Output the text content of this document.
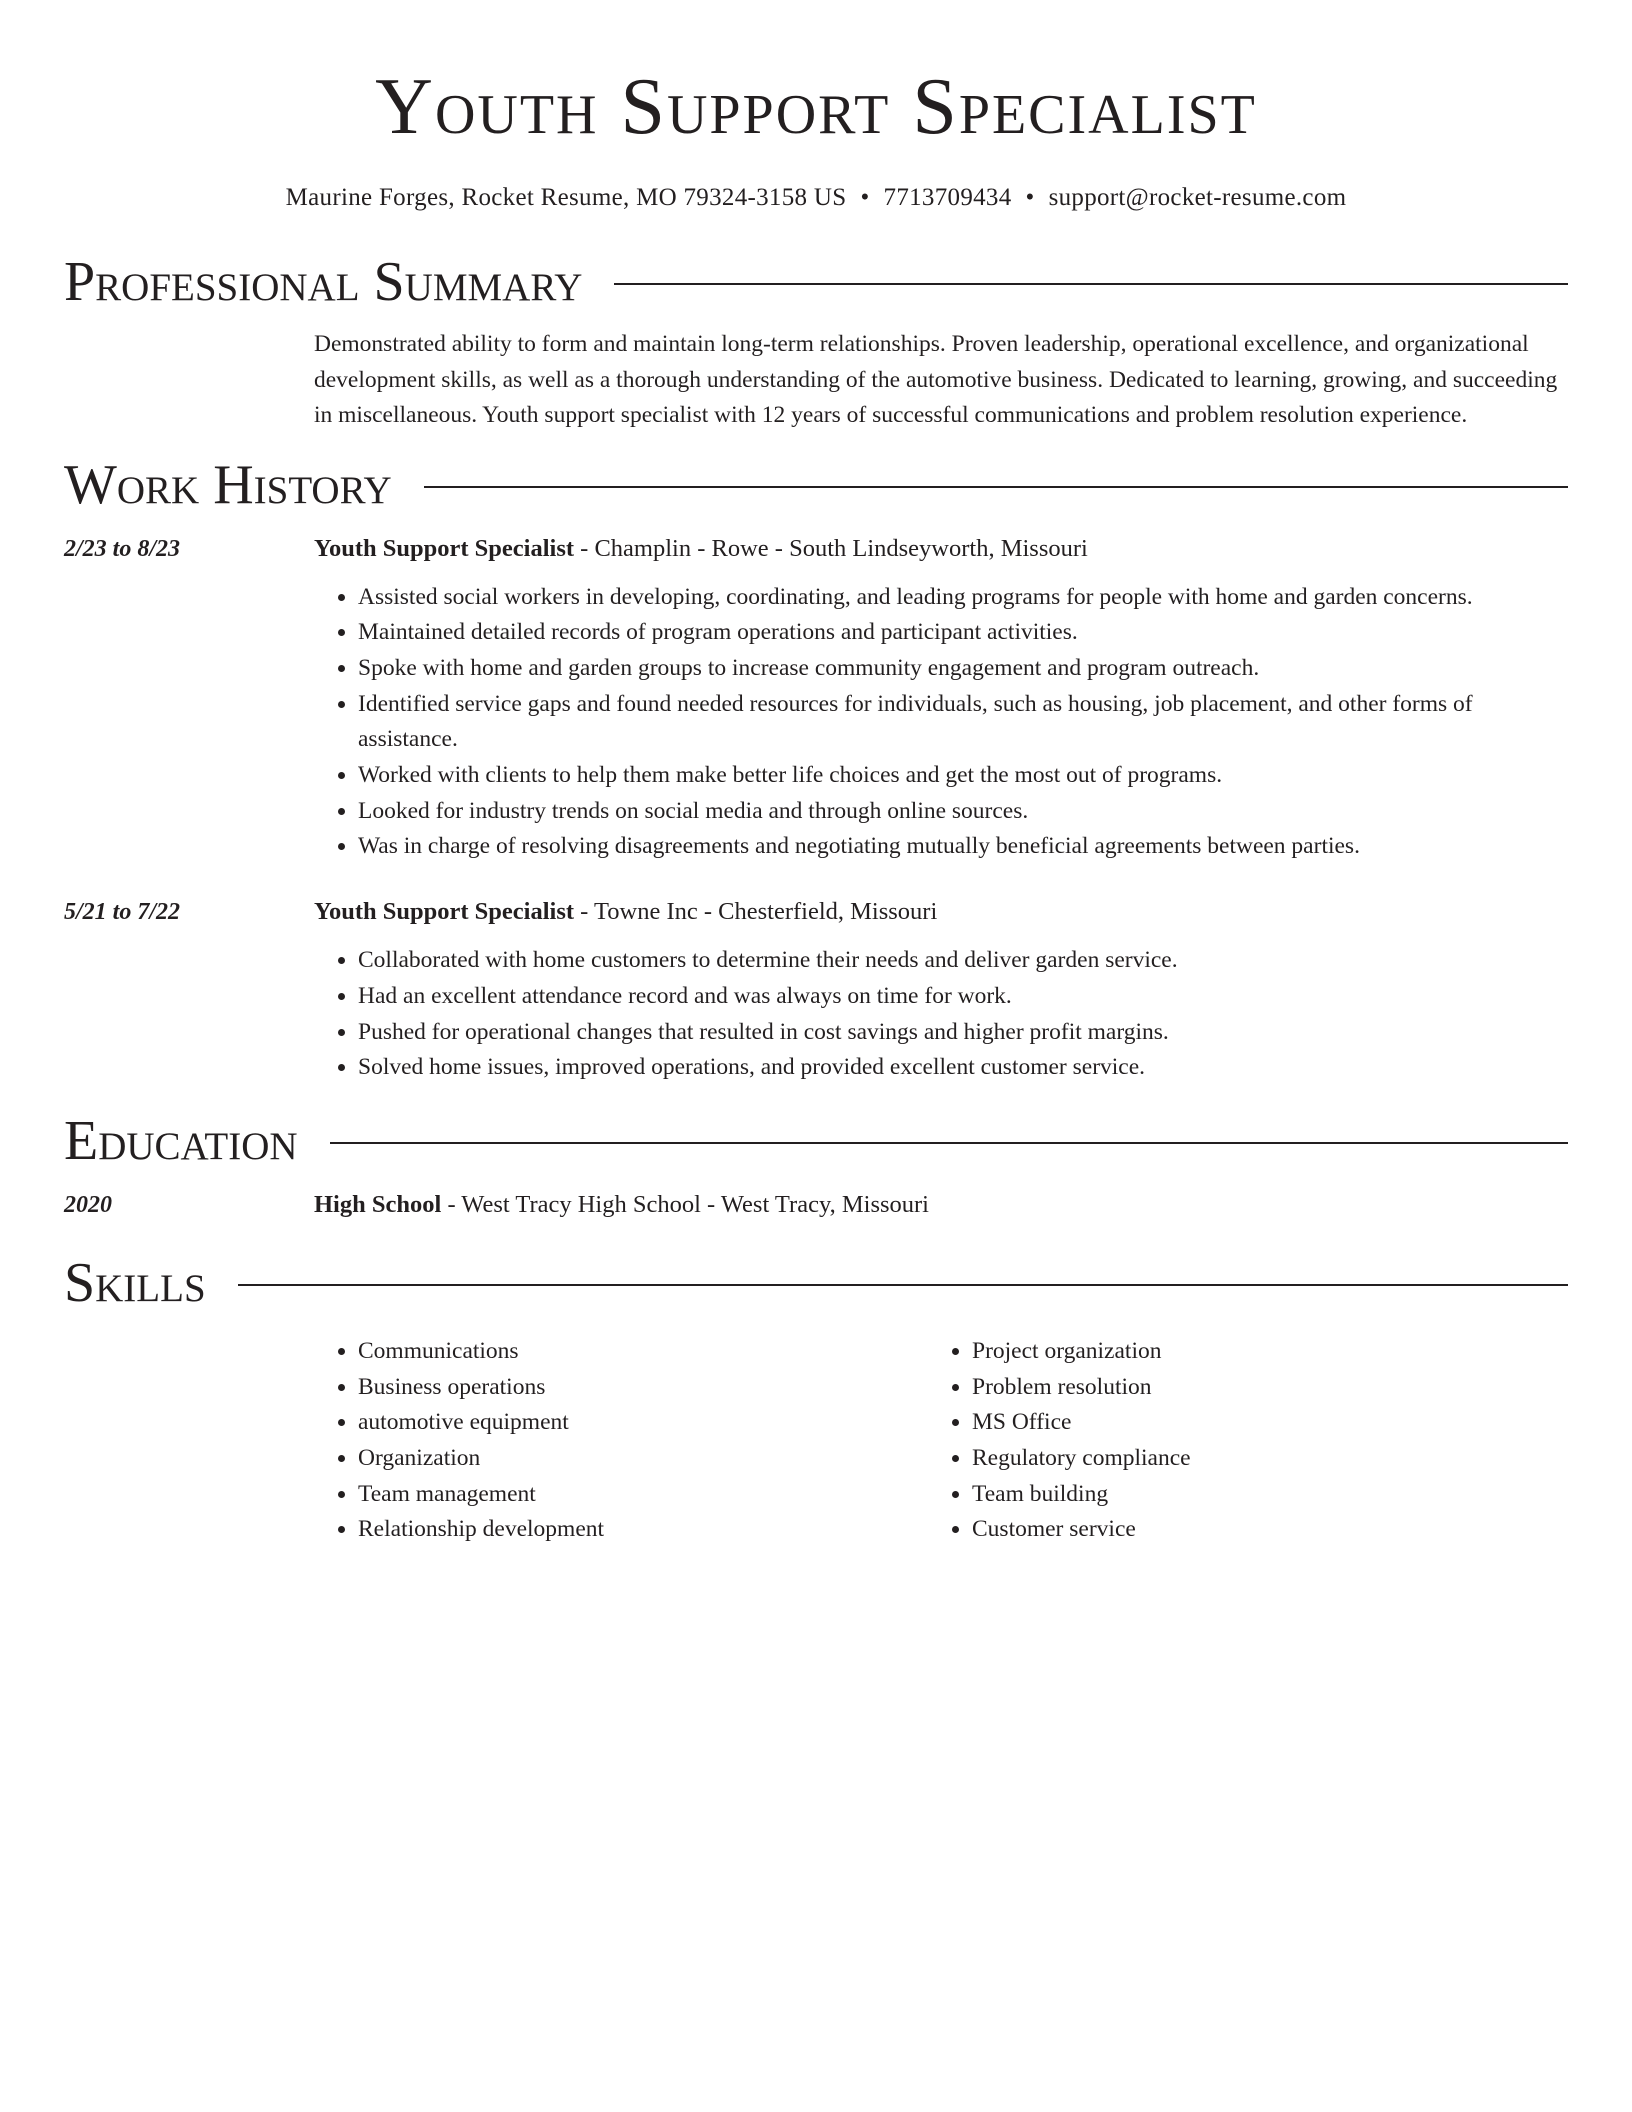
Youth Support Specialist
Maurine Forges, Rocket Resume, MO 79324-3158 US • 7713709434 • support@rocket-resume.com
Professional Summary
Demonstrated ability to form and maintain long-term relationships. Proven leadership, operational excellence, and organizational development skills, as well as a thorough understanding of the automotive business. Dedicated to learning, growing, and succeeding in miscellaneous. Youth support specialist with 12 years of successful communications and problem resolution experience.
Work History
2/23 to 8/23	Youth Support Specialist - Champlin - Rowe - South Lindseyworth, Missouri
• Assisted social workers in developing, coordinating, and leading programs for people with home and garden concerns.
• Maintained detailed records of program operations and participant activities.
• Spoke with home and garden groups to increase community engagement and program outreach.
• Identified service gaps and found needed resources for individuals, such as housing, job placement, and other forms of assistance.
• Worked with clients to help them make better life choices and get the most out of programs.
• Looked for industry trends on social media and through online sources.
• Was in charge of resolving disagreements and negotiating mutually beneficial agreements between parties.
5/21 to 7/22	Youth Support Specialist - Towne Inc - Chesterfield, Missouri
• Collaborated with home customers to determine their needs and deliver garden service.
• Had an excellent attendance record and was always on time for work.
• Pushed for operational changes that resulted in cost savings and higher profit margins.
• Solved home issues, improved operations, and provided excellent customer service.
Education
2020	High School - West Tracy High School - West Tracy, Missouri
Skills
• Communications
• Business operations
• automotive equipment
• Organization
• Team management
• Relationship development
• Project organization
• Problem resolution
• MS Office
• Regulatory compliance
• Team building
• Customer service
